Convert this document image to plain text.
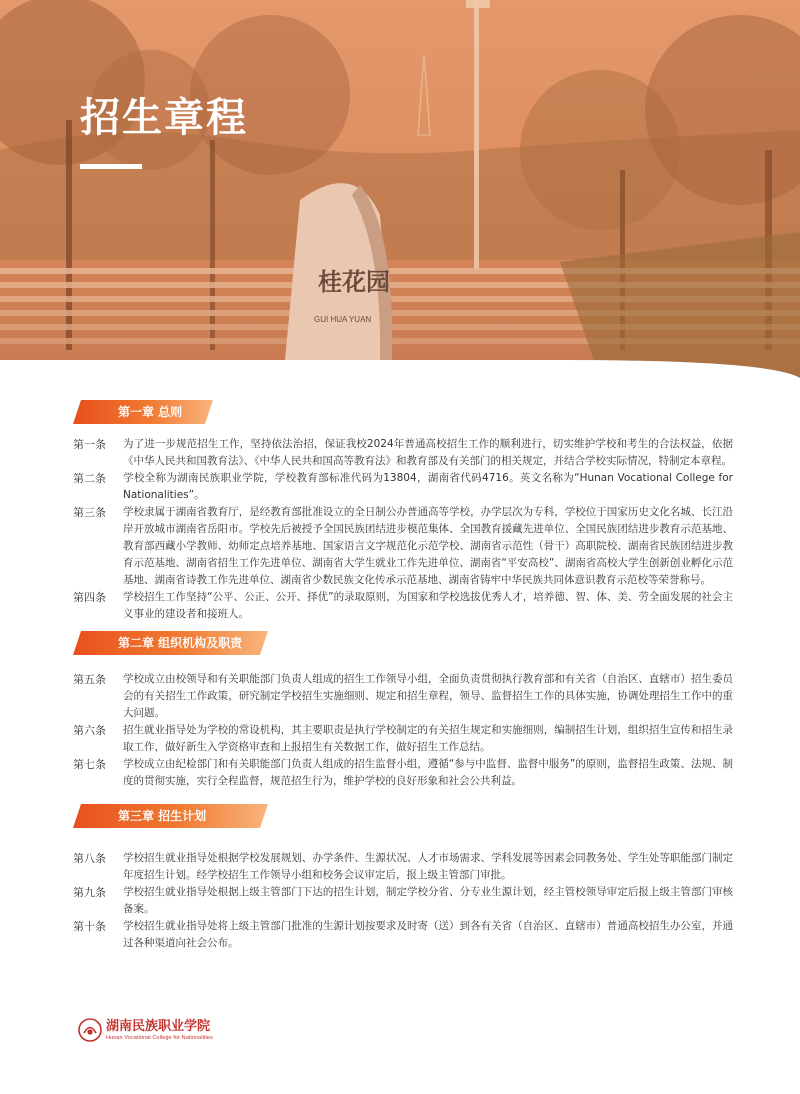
桂花园
GUI HUA YUAN
招生章程
第一章 总则
第一条	为了进一步规范招生工作，坚持依法治招，保证我校2024年普通高校招生工作的顺利进行，切实维护学校和考生的合法权益，依据《中华人民共和国教育法》、《中华人民共和国高等教育法》和教育部及有关部门的相关规定，并结合学校实际情况，特制定本章程。

第二条	学校全称为湖南民族职业学院，学校教育部标准代码为13804，湖南省代码4716。英文名称为“Hunan Vocational College for Nationalities”。

第三条	学校隶属于湖南省教育厅，是经教育部批准设立的全日制公办普通高等学校，办学层次为专科，学校位于国家历史文化名城、长江沿岸开放城市湖南省岳阳市。学校先后被授予全国民族团结进步模范集体、全国教育援藏先进单位、全国民族团结进步教育示范基地、教育部西藏小学教师、幼师定点培养基地、国家语言文字规范化示范学校、湖南省示范性（骨干）高职院校、湖南省民族团结进步教育示范基地、湖南省招生工作先进单位、湖南省大学生就业工作先进单位、湖南省“平安高校”、湖南省高校大学生创新创业孵化示范基地、湖南省诗教工作先进单位、湖南省少数民族文化传承示范基地、湖南省铸牢中华民族共同体意识教育示范校等荣誉称号。

第四条	学校招生工作坚持“公平、公正、公开、择优”的录取原则，为国家和学校选拔优秀人才，培养德、智、体、美、劳全面发展的社会主义事业的建设者和接班人。

第二章 组织机构及职责
第五条	学校成立由校领导和有关职能部门负责人组成的招生工作领导小组，全面负责贯彻执行教育部和有关省（自治区、直辖市）招生委员会的有关招生工作政策，研究制定学校招生实施细则、规定和招生章程，领导、监督招生工作的具体实施，协调处理招生工作中的重大问题。

第六条	招生就业指导处为学校的常设机构，其主要职责是执行学校制定的有关招生规定和实施细则，编制招生计划，组织招生宣传和招生录取工作，做好新生入学资格审查和上报招生有关数据工作，做好招生工作总结。

第七条	学校成立由纪检部门和有关职能部门负责人组成的招生监督小组，遵循“参与中监督、监督中服务”的原则，监督招生政策、法规、制度的贯彻实施，实行全程监督，规范招生行为，维护学校的良好形象和社会公共利益。

第三章 招生计划
第八条	学校招生就业指导处根据学校发展规划、办学条件、生源状况、人才市场需求、学科发展等因素会同教务处、学生处等职能部门制定年度招生计划。经学校招生工作领导小组和校务会议审定后，报上级主管部门审批。

第九条	学校招生就业指导处根据上级主管部门下达的招生计划，制定学校分省、分专业生源计划，经主管校领导审定后报上级主管部门审核备案。

第十条	学校招生就业指导处将上级主管部门批准的生源计划按要求及时寄（送）到各有关省（自治区、直辖市）普通高校招生办公室，并通过各种渠道向社会公布。

湖南民族职业学院
Hunan Vocational College for Nationalities
